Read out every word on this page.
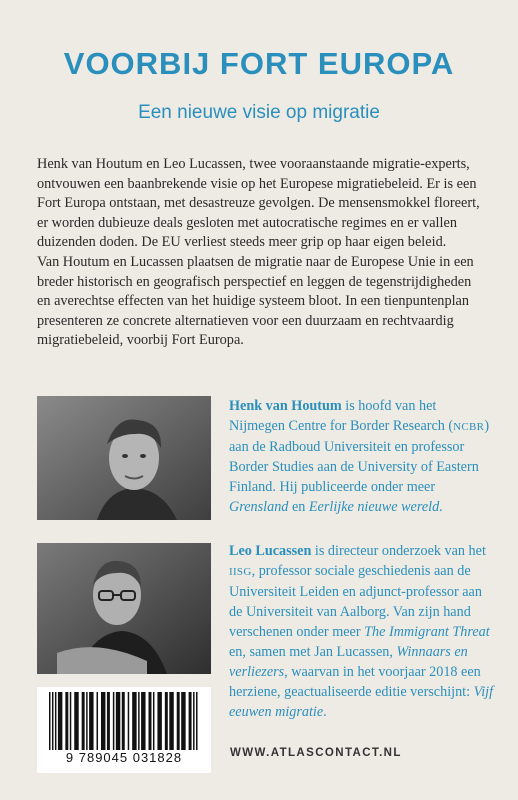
VOORBIJ FORT EUROPA
Een nieuwe visie op migratie

Henk van Houtum en Leo Lucassen, twee vooraanstaande migratie-experts, ontvouwen een baanbrekende visie op het Europese migratiebeleid. Er is een Fort Europa ontstaan, met desastreuze gevolgen. De mensensmokkel floreert, er worden dubieuze deals gesloten met autocratische regimes en er vallen duizenden doden. De EU verliest steeds meer grip op haar eigen beleid.

Van Houtum en Lucassen plaatsen de migratie naar de Europese Unie in een breder historisch en geografisch perspectief en leggen de tegenstrijdigheden en averechtse effecten van het huidige systeem bloot. In een tienpuntenplan presenteren ze concrete alternatieven voor een duurzaam en rechtvaardig migratiebeleid, voorbij Fort Europa.

Henk van Houtum is hoofd van het Nijmegen Centre for Border Research (NCBR) aan de Radboud Universiteit en professor Border Studies aan de University of Eastern Finland. Hij publiceerde onder meer Grensland en Eerlijke nieuwe wereld.
Leo Lucassen is directeur onderzoek van het IISG, professor sociale geschiedenis aan de Universiteit Leiden en adjunct-professor aan de Universiteit van Aalborg. Van zijn hand verschenen onder meer The Immigrant Threat en, samen met Jan Lucassen, Winnaars en verliezers, waarvan in het voorjaar 2018 een herziene, geactualiseerde editie verschijnt: Vijf eeuwen migratie.
9 789045 031828	WWW.ATLASCONTACT.NL
